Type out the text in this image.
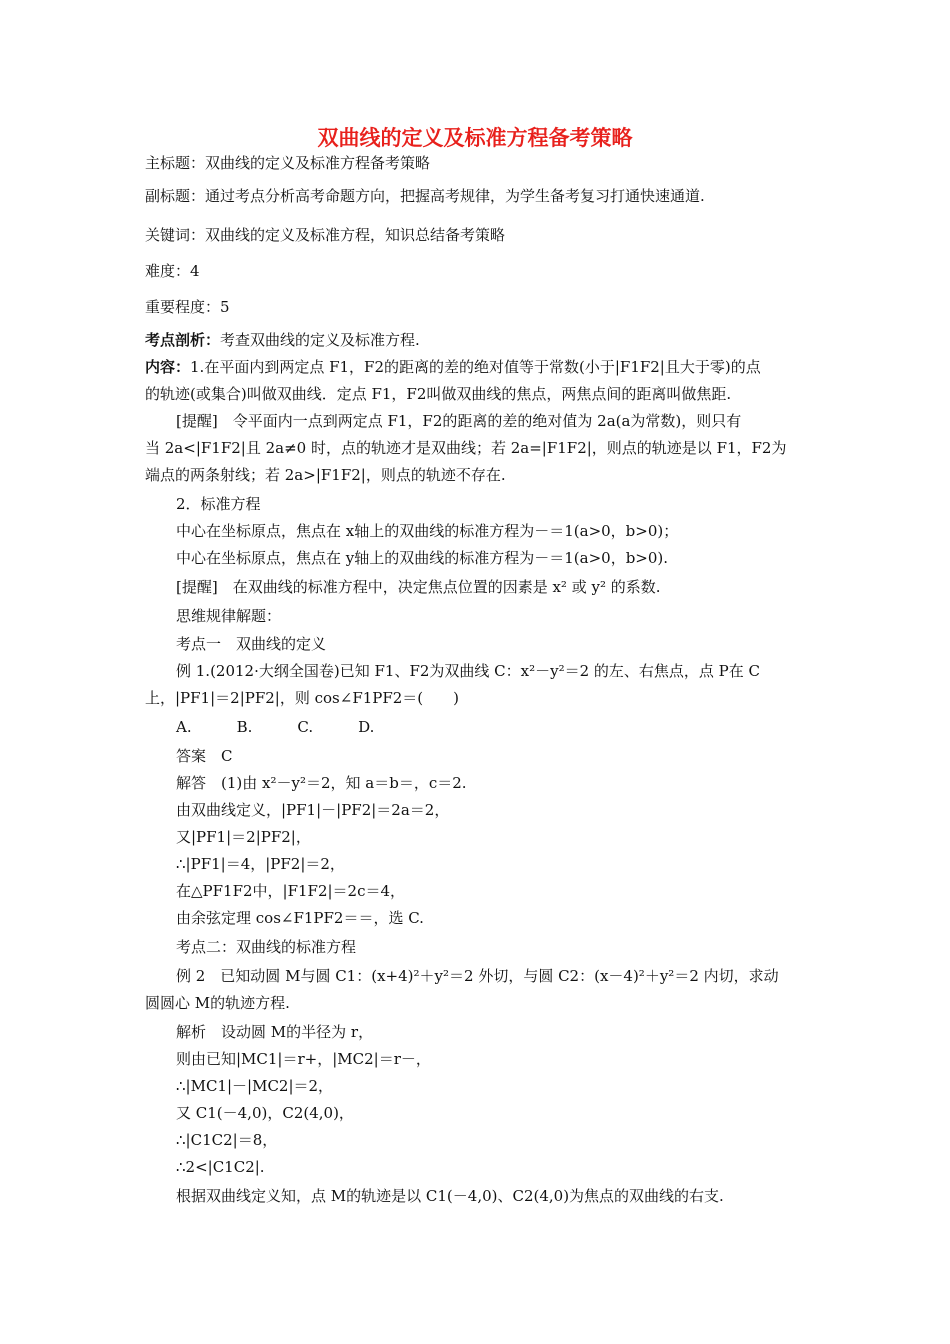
双曲线的定义及标准方程备考策略
主标题：双曲线的定义及标准方程备考策略
副标题：通过考点分析高考命题方向，把握高考规律，为学生备考复习打通快速通道.
关键词：双曲线的定义及标准方程，知识总结备考策略
难度：4
重要程度：5
考点剖析：考查双曲线的定义及标准方程.
内容：1.在平面内到两定点 F1，F2的距离的差的绝对值等于常数(小于|F1F2|且大于零)的点
的轨迹(或集合)叫做双曲线．定点 F1，F2叫做双曲线的焦点，两焦点间的距离叫做焦距.
[提醒]　令平面内一点到两定点 F1，F2的距离的差的绝对值为 2a(a为常数)，则只有
当 2a<|F1F2|且 2a≠0 时，点的轨迹才是双曲线；若 2a=|F1F2|，则点的轨迹是以 F1，F2为
端点的两条射线；若 2a>|F1F2|，则点的轨迹不存在.
2．标准方程
中心在坐标原点，焦点在 x轴上的双曲线的标准方程为－＝1(a>0，b>0)；
中心在坐标原点，焦点在 y轴上的双曲线的标准方程为－＝1(a>0，b>0).
[提醒]　在双曲线的标准方程中，决定焦点位置的因素是 x² 或 y² 的系数.
思维规律解题：
考点一　双曲线的定义
例 1.(2012·大纲全国卷)已知 F1、F2为双曲线 C：x²－y²＝2 的左、右焦点，点 P在 C
上，|PF1|＝2|PF2|，则 cos∠F1PF2＝(　　)
A.　　　B.　　　C.　　　D.
答案　C
解答　(1)由 x²－y²＝2，知 a＝b＝，c＝2.
由双曲线定义，|PF1|－|PF2|＝2a＝2，
又|PF1|＝2|PF2|，
∴|PF1|＝4，|PF2|＝2，
在△PF1F2中，|F1F2|＝2c＝4，
由余弦定理 cos∠F1PF2＝＝，选 C.
考点二：双曲线的标准方程
例 2　已知动圆 M与圆 C1：(x+4)²＋y²＝2 外切，与圆 C2：(x－4)²＋y²＝2 内切，求动
圆圆心 M的轨迹方程.
解析　设动圆 M的半径为 r，
则由已知|MC1|＝r+，|MC2|＝r－，
∴|MC1|－|MC2|＝2，
又 C1(－4,0)，C2(4,0)，
∴|C1C2|＝8，
∴2<|C1C2|.
根据双曲线定义知，点 M的轨迹是以 C1(－4,0)、C2(4,0)为焦点的双曲线的右支.
